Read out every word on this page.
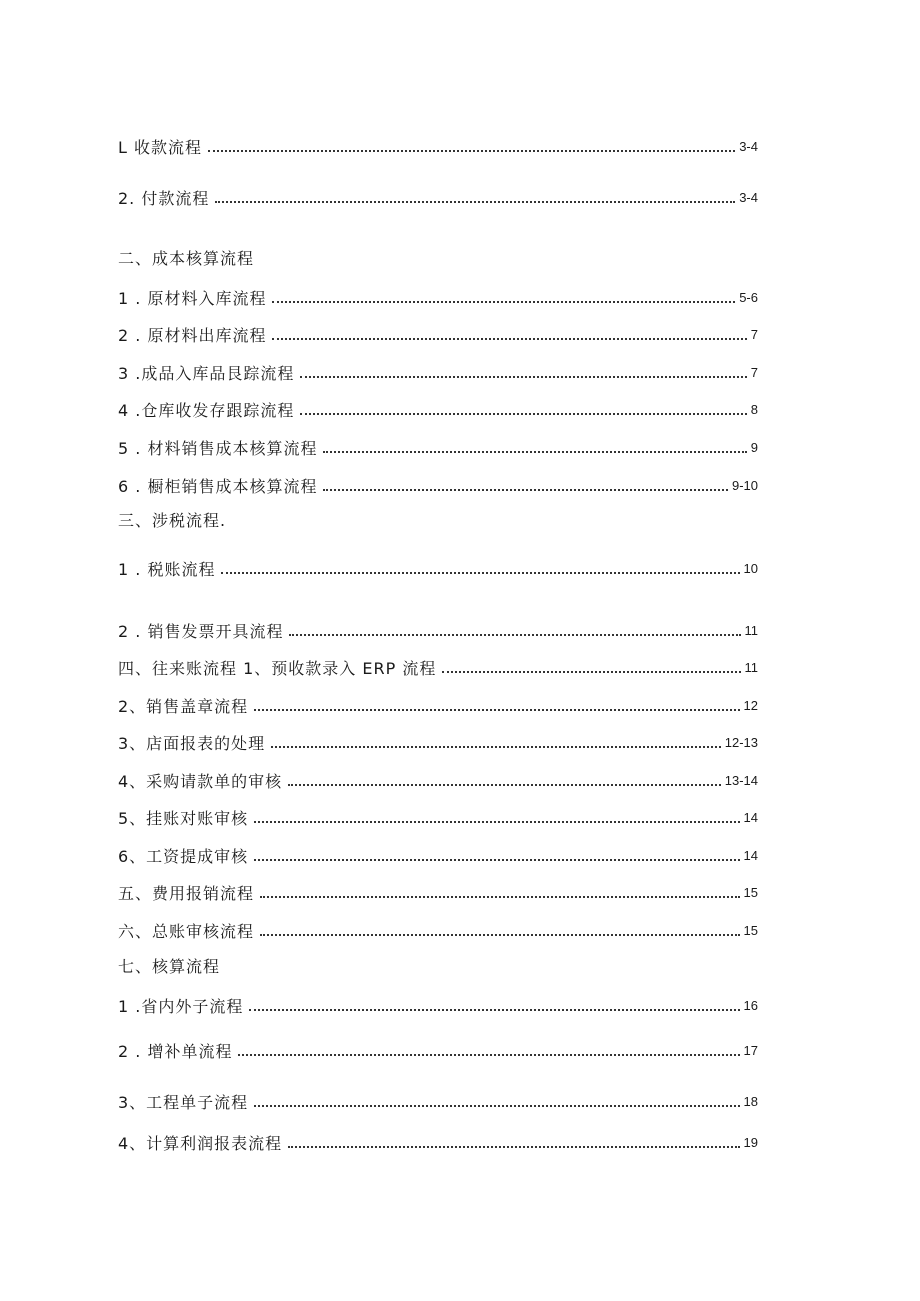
L 收款流程	3-4
2. 付款流程	3-4
二、成本核算流程
1 . 原材料入库流程	5-6
2 . 原材料出库流程	7
3 .成品入库品艮踪流程	7
4 .仓库收发存跟踪流程	8
5 . 材料销售成本核算流程	9
6 . 橱柜销售成本核算流程	9-10
三、涉税流程.
1 . 税账流程	10
2 . 销售发票开具流程	11
四、往来账流程 1、预收款录入 ERP 流程	11
2、销售盖章流程	12
3、店面报表的处理	12-13
4、采购请款单的审核	13-14
5、挂账对账审核	14
6、工资提成审核	14
五、费用报销流程	15
六、总账审核流程	15
七、核算流程
1 .省内外子流程	16
2 . 增补单流程	17
3、工程单子流程	18
4、计算利润报表流程	19
